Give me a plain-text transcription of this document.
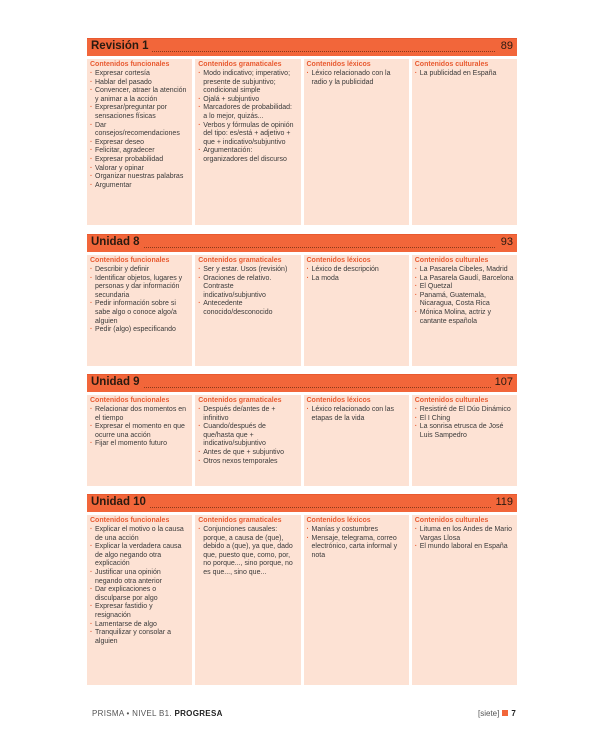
Revisión 1	89
Contenidos funcionales
· Expresar cortesía
· Hablar del pasado
· Convencer, atraer la atención y animar a la acción
· Expresar/preguntar por sensaciones físicas
· Dar consejos/recomendaciones
· Expresar deseo
· Felicitar, agradecer
· Expresar probabilidad
· Valorar y opinar
· Organizar nuestras palabras
· Argumentar
Contenidos gramaticales
· Modo indicativo; imperativo; presente de subjuntivo; condicional simple
· Ojalá + subjuntivo
· Marcadores de probabilidad: a lo mejor, quizás...
· Verbos y fórmulas de opinión del tipo: es/está + adjetivo + que + indicativo/subjuntivo
· Argumentación: organizadores del discurso
Contenidos léxicos
· Léxico relacionado con la radio y la publicidad
Contenidos culturales
· La publicidad en España
Unidad 8	93
Contenidos funcionales
· Describir y definir
· Identificar objetos, lugares y personas y dar información secundaria
· Pedir información sobre si sabe algo o conoce algo/a alguien
· Pedir (algo) especificando
Contenidos gramaticales
· Ser y estar. Usos (revisión)
· Oraciones de relativo. Contraste indicativo/subjuntivo
· Antecedente conocido/desconocido
Contenidos léxicos
· Léxico de descripción
· La moda
Contenidos culturales
· La Pasarela Cibeles, Madrid
· La Pasarela Gaudí, Barcelona
· El Quetzal
· Panamá, Guatemala, Nicaragua, Costa Rica
· Mónica Molina, actriz y cantante española
Unidad 9	107
Contenidos funcionales
· Relacionar dos momentos en el tiempo
· Expresar el momento en que ocurre una acción
· Fijar el momento futuro
Contenidos gramaticales
· Después de/antes de + infinitivo
· Cuando/después de que/hasta que + indicativo/subjuntivo
· Antes de que + subjuntivo
· Otros nexos temporales
Contenidos léxicos
· Léxico relacionado con las etapas de la vida
Contenidos culturales
· Resistiré de El Dúo Dinámico
· El I Ching
· La sonrisa etrusca de José Luis Sampedro
Unidad 10	119
Contenidos funcionales
· Explicar el motivo o la causa de una acción
· Explicar la verdadera causa de algo negando otra explicación
· Justificar una opinión negando otra anterior
· Dar explicaciones o disculparse por algo
· Expresar fastidio y resignación
· Lamentarse de algo
· Tranquilizar y consolar a alguien
Contenidos gramaticales
· Conjunciones causales: porque, a causa de (que), debido a (que), ya que, dado que, puesto que, como, por, no porque..., sino porque, no es que..., sino que...
Contenidos léxicos
· Manías y costumbres
· Mensaje, telegrama, correo electrónico, carta informal y nota
Contenidos culturales
· Lituma en los Andes de Mario Vargas Llosa
· El mundo laboral en España
PRISMA • NIVEL B1. PROGRESA	[siete] 7
